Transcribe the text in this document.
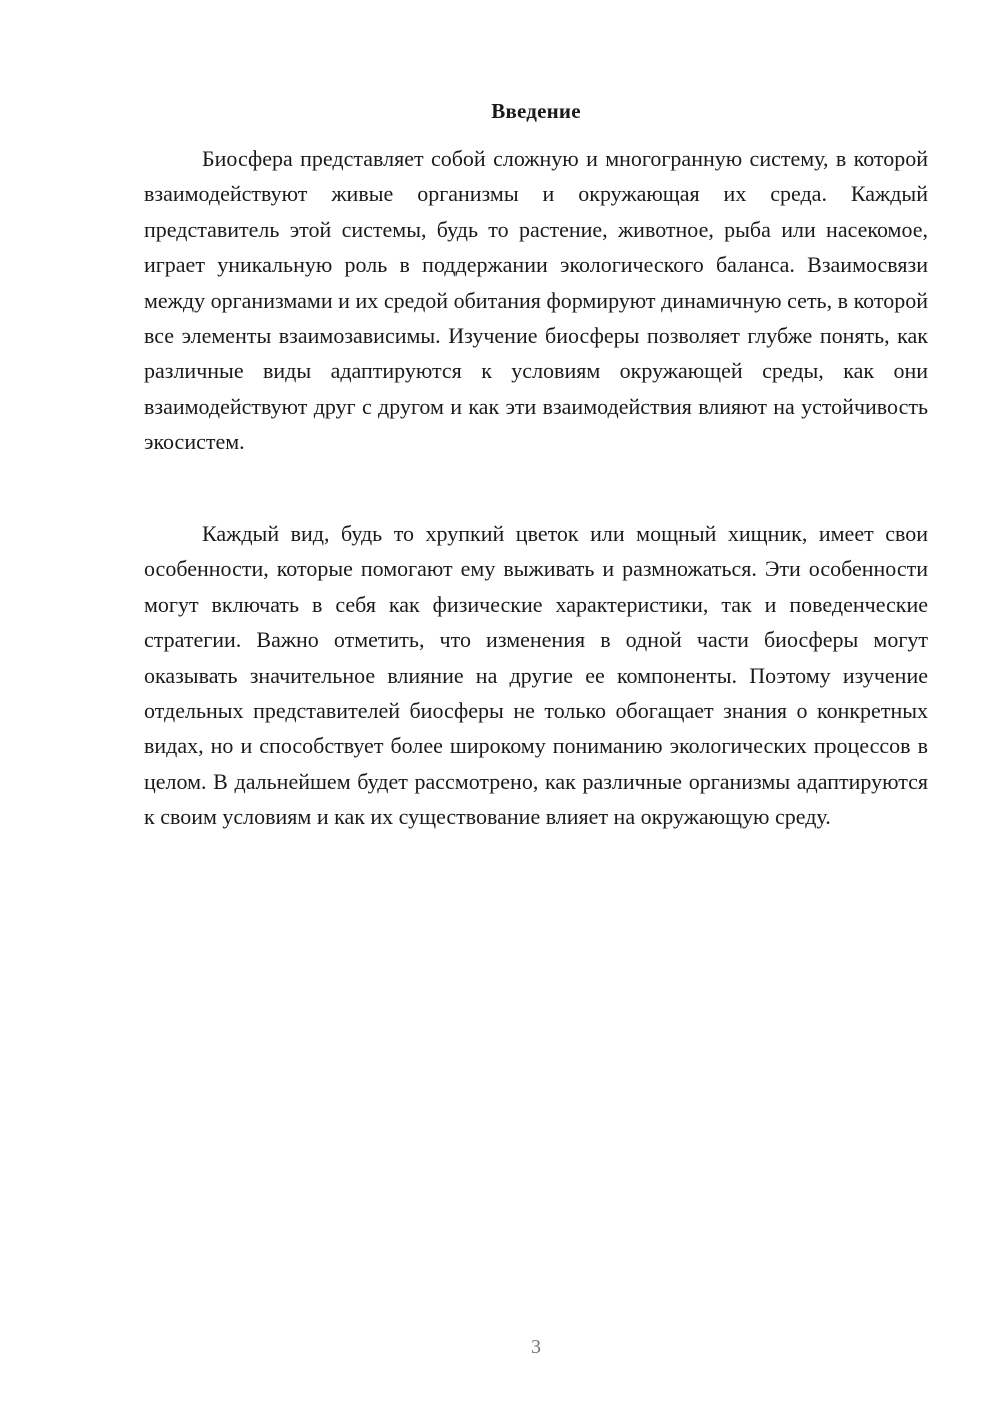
Введение

Биосфера представляет собой сложную и многогранную систему, в которой взаимодействуют живые организмы и окружающая их среда. Каждый представитель этой системы, будь то растение, животное, рыба или насекомое, играет уникальную роль в поддержании экологического баланса. Взаимосвязи между организмами и их средой обитания формируют динамичную сеть, в которой все элементы взаимозависимы. Изучение биосферы позволяет глубже понять, как различные виды адаптируются к условиям окружающей среды, как они взаимодействуют друг с другом и как эти взаимодействия влияют на устойчивость экосистем.

Каждый вид, будь то хрупкий цветок или мощный хищник, имеет свои особенности, которые помогают ему выживать и размножаться. Эти особенности могут включать в себя как физические характеристики, так и поведенческие стратегии. Важно отметить, что изменения в одной части биосферы могут оказывать значительное влияние на другие ее компоненты. Поэтому изучение отдельных представителей биосферы не только обогащает знания о конкретных видах, но и способствует более широкому пониманию экологических процессов в целом. В дальнейшем будет рассмотрено, как различные организмы адаптируются к своим условиям и как их существование влияет на окружающую среду.

3
